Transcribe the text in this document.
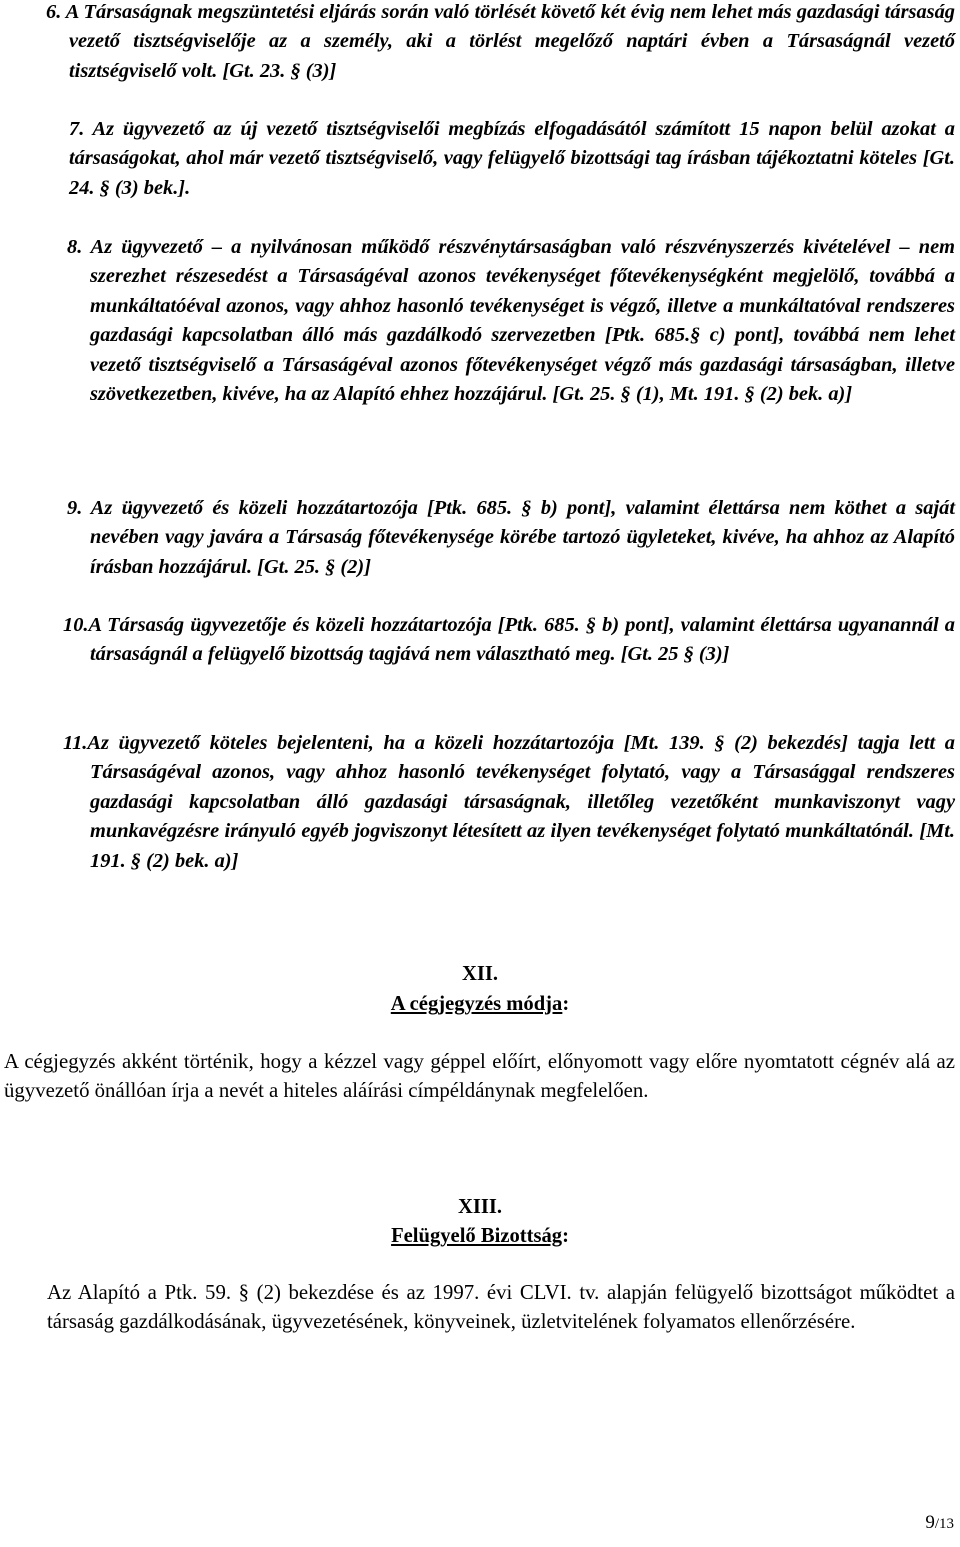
6. A Társaságnak megszüntetési eljárás során való törlését követő két évig nem lehet más gazdasági társaság vezető tisztségviselője az a személy, aki a törlést megelőző naptári évben a Társaságnál vezető tisztségviselő volt. [Gt. 23. § (3)]
7. Az ügyvezető az új vezető tisztségviselői megbízás elfogadásától számított 15 napon belül azokat a társaságokat, ahol már vezető tisztségviselő, vagy felügyelő bizottsági tag írásban tájékoztatni köteles [Gt. 24. § (3) bek.].
8. Az ügyvezető – a nyilvánosan működő részvénytársaságban való részvényszerzés kivételével – nem szerezhet részesedést a Társaságéval azonos tevékenységet főtevékenységként megjelölő, továbbá a munkáltatóéval azonos, vagy ahhoz hasonló tevékenységet is végző, illetve a munkáltatóval rendszeres gazdasági kapcsolatban álló más gazdálkodó szervezetben [Ptk. 685.§ c) pont], továbbá nem lehet vezető tisztségviselő a Társaságéval azonos főtevékenységet végző más gazdasági társaságban, illetve szövetkezetben, kivéve, ha az Alapító ehhez hozzájárul. [Gt. 25. § (1), Mt. 191. § (2) bek. a)]
9. Az ügyvezető és közeli hozzátartozója [Ptk. 685. § b) pont], valamint élettársa nem köthet a saját nevében vagy javára a Társaság főtevékenysége körébe tartozó ügyleteket, kivéve, ha ahhoz az Alapító írásban hozzájárul. [Gt. 25. § (2)]
10.A Társaság ügyvezetője és közeli hozzátartozója [Ptk. 685. § b) pont], valamint élettársa ugyanannál a társaságnál a felügyelő bizottság tagjává nem választható meg. [Gt. 25 § (3)]
11.Az ügyvezető köteles bejelenteni, ha a közeli hozzátartozója [Mt. 139. § (2) bekezdés] tagja lett a Társaságéval azonos, vagy ahhoz hasonló tevékenységet folytató, vagy a Társasággal rendszeres gazdasági kapcsolatban álló gazdasági társaságnak, illetőleg vezetőként munkaviszonyt vagy munkavégzésre irányuló egyéb jogviszonyt létesített az ilyen tevékenységet folytató munkáltatónál. [Mt. 191. § (2) bek. a)]
XII.
A cégjegyzés módja:
A cégjegyzés akként történik, hogy a kézzel vagy géppel előírt, előnyomott vagy előre nyomtatott cégnév alá az ügyvezető önállóan írja a nevét a hiteles aláírási címpéldánynak megfelelően.
XIII.
Felügyelő Bizottság:
Az Alapító a Ptk. 59. § (2) bekezdése és az 1997. évi CLVI. tv. alapján felügyelő bizottságot működtet a társaság gazdálkodásának, ügyvezetésének, könyveinek, üzletvitelének folyamatos ellenőrzésére.
9/13
